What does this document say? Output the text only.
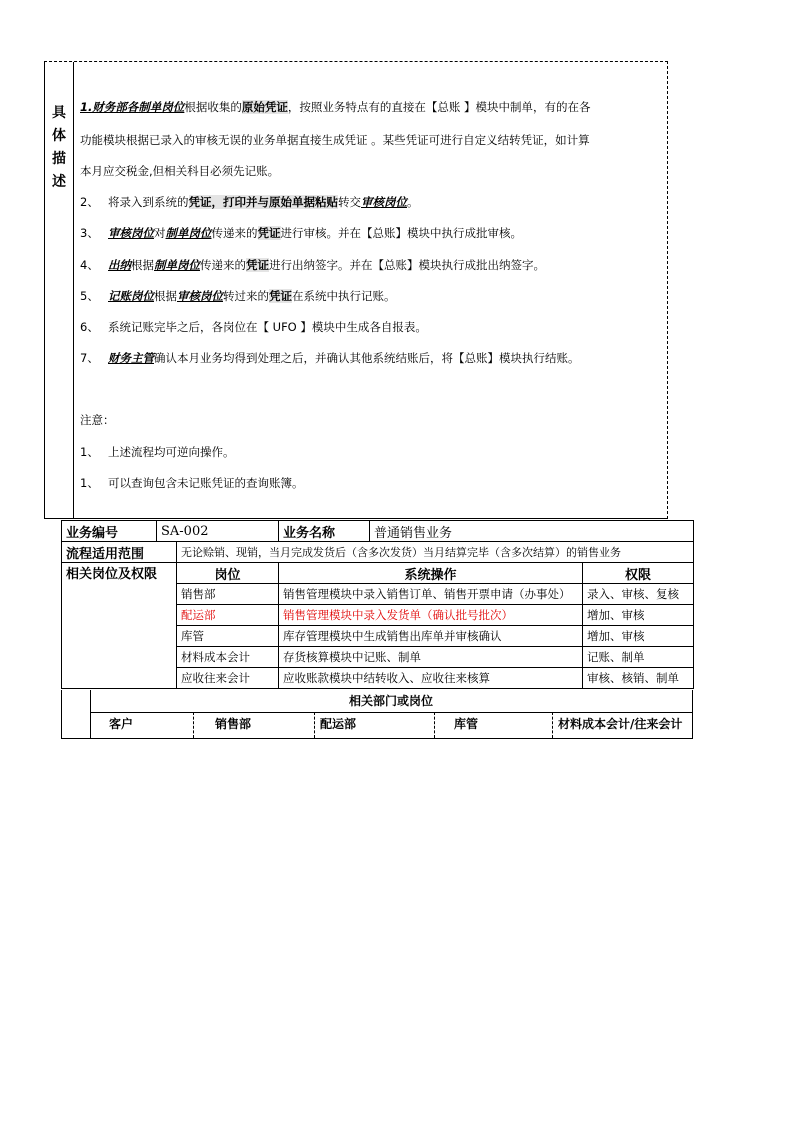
具
体
描
述
1.财务部各制单岗位根据收集的原始凭证，按照业务特点有的直接在【总账 】模块中制单，有的在各
功能模块根据已录入的审核无误的业务单据直接生成凭证 。某些凭证可进行自定义结转凭证，如计算
本月应交税金,但相关科目必须先记账。
2、 将录入到系统的凭证，打印并与原始单据粘贴转交审核岗位。
3、 审核岗位对制单岗位传递来的凭证进行审核。并在【总账】模块中执行成批审核。
4、 出纳根据制单岗位传递来的凭证进行出纳签字。并在【总账】模块执行成批出纳签字。
5、 记账岗位根据审核岗位转过来的凭证在系统中执行记账。
6、 系统记账完毕之后，各岗位在【 UFO 】模块中生成各自报表。
7、 财务主管确认本月业务均得到处理之后，并确认其他系统结账后，将【总账】模块执行结账。
注意：
1、 上述流程均可逆向操作。
1、 可以查询包含未记账凭证的查询账簿。
业务编号	SA-002		业务名称	普通销售业务	
流程适用范围		无论赊销、现销，当月完成发货后（含多次发货）当月结算完毕（含多次结算）的销售业务			
相关岗位及权限		岗位	系统操作		权限
		销售部	销售管理模块中录入销售订单、销售开票申请（办事处）		录入、审核、复核
		配运部	销售管理模块中录入发货单（确认批号批次）		增加、审核
		库管	库存管理模块中生成销售出库单并审核确认		增加、审核
		材料成本会计	存货核算模块中记账、制单		记账、制单
		应收往来会计	应收账款模块中结转收入、应收往来核算		审核、核销、制单
相关部门或岗位
客户	销售部	配运部	库管	材料成本会计/往来会计
